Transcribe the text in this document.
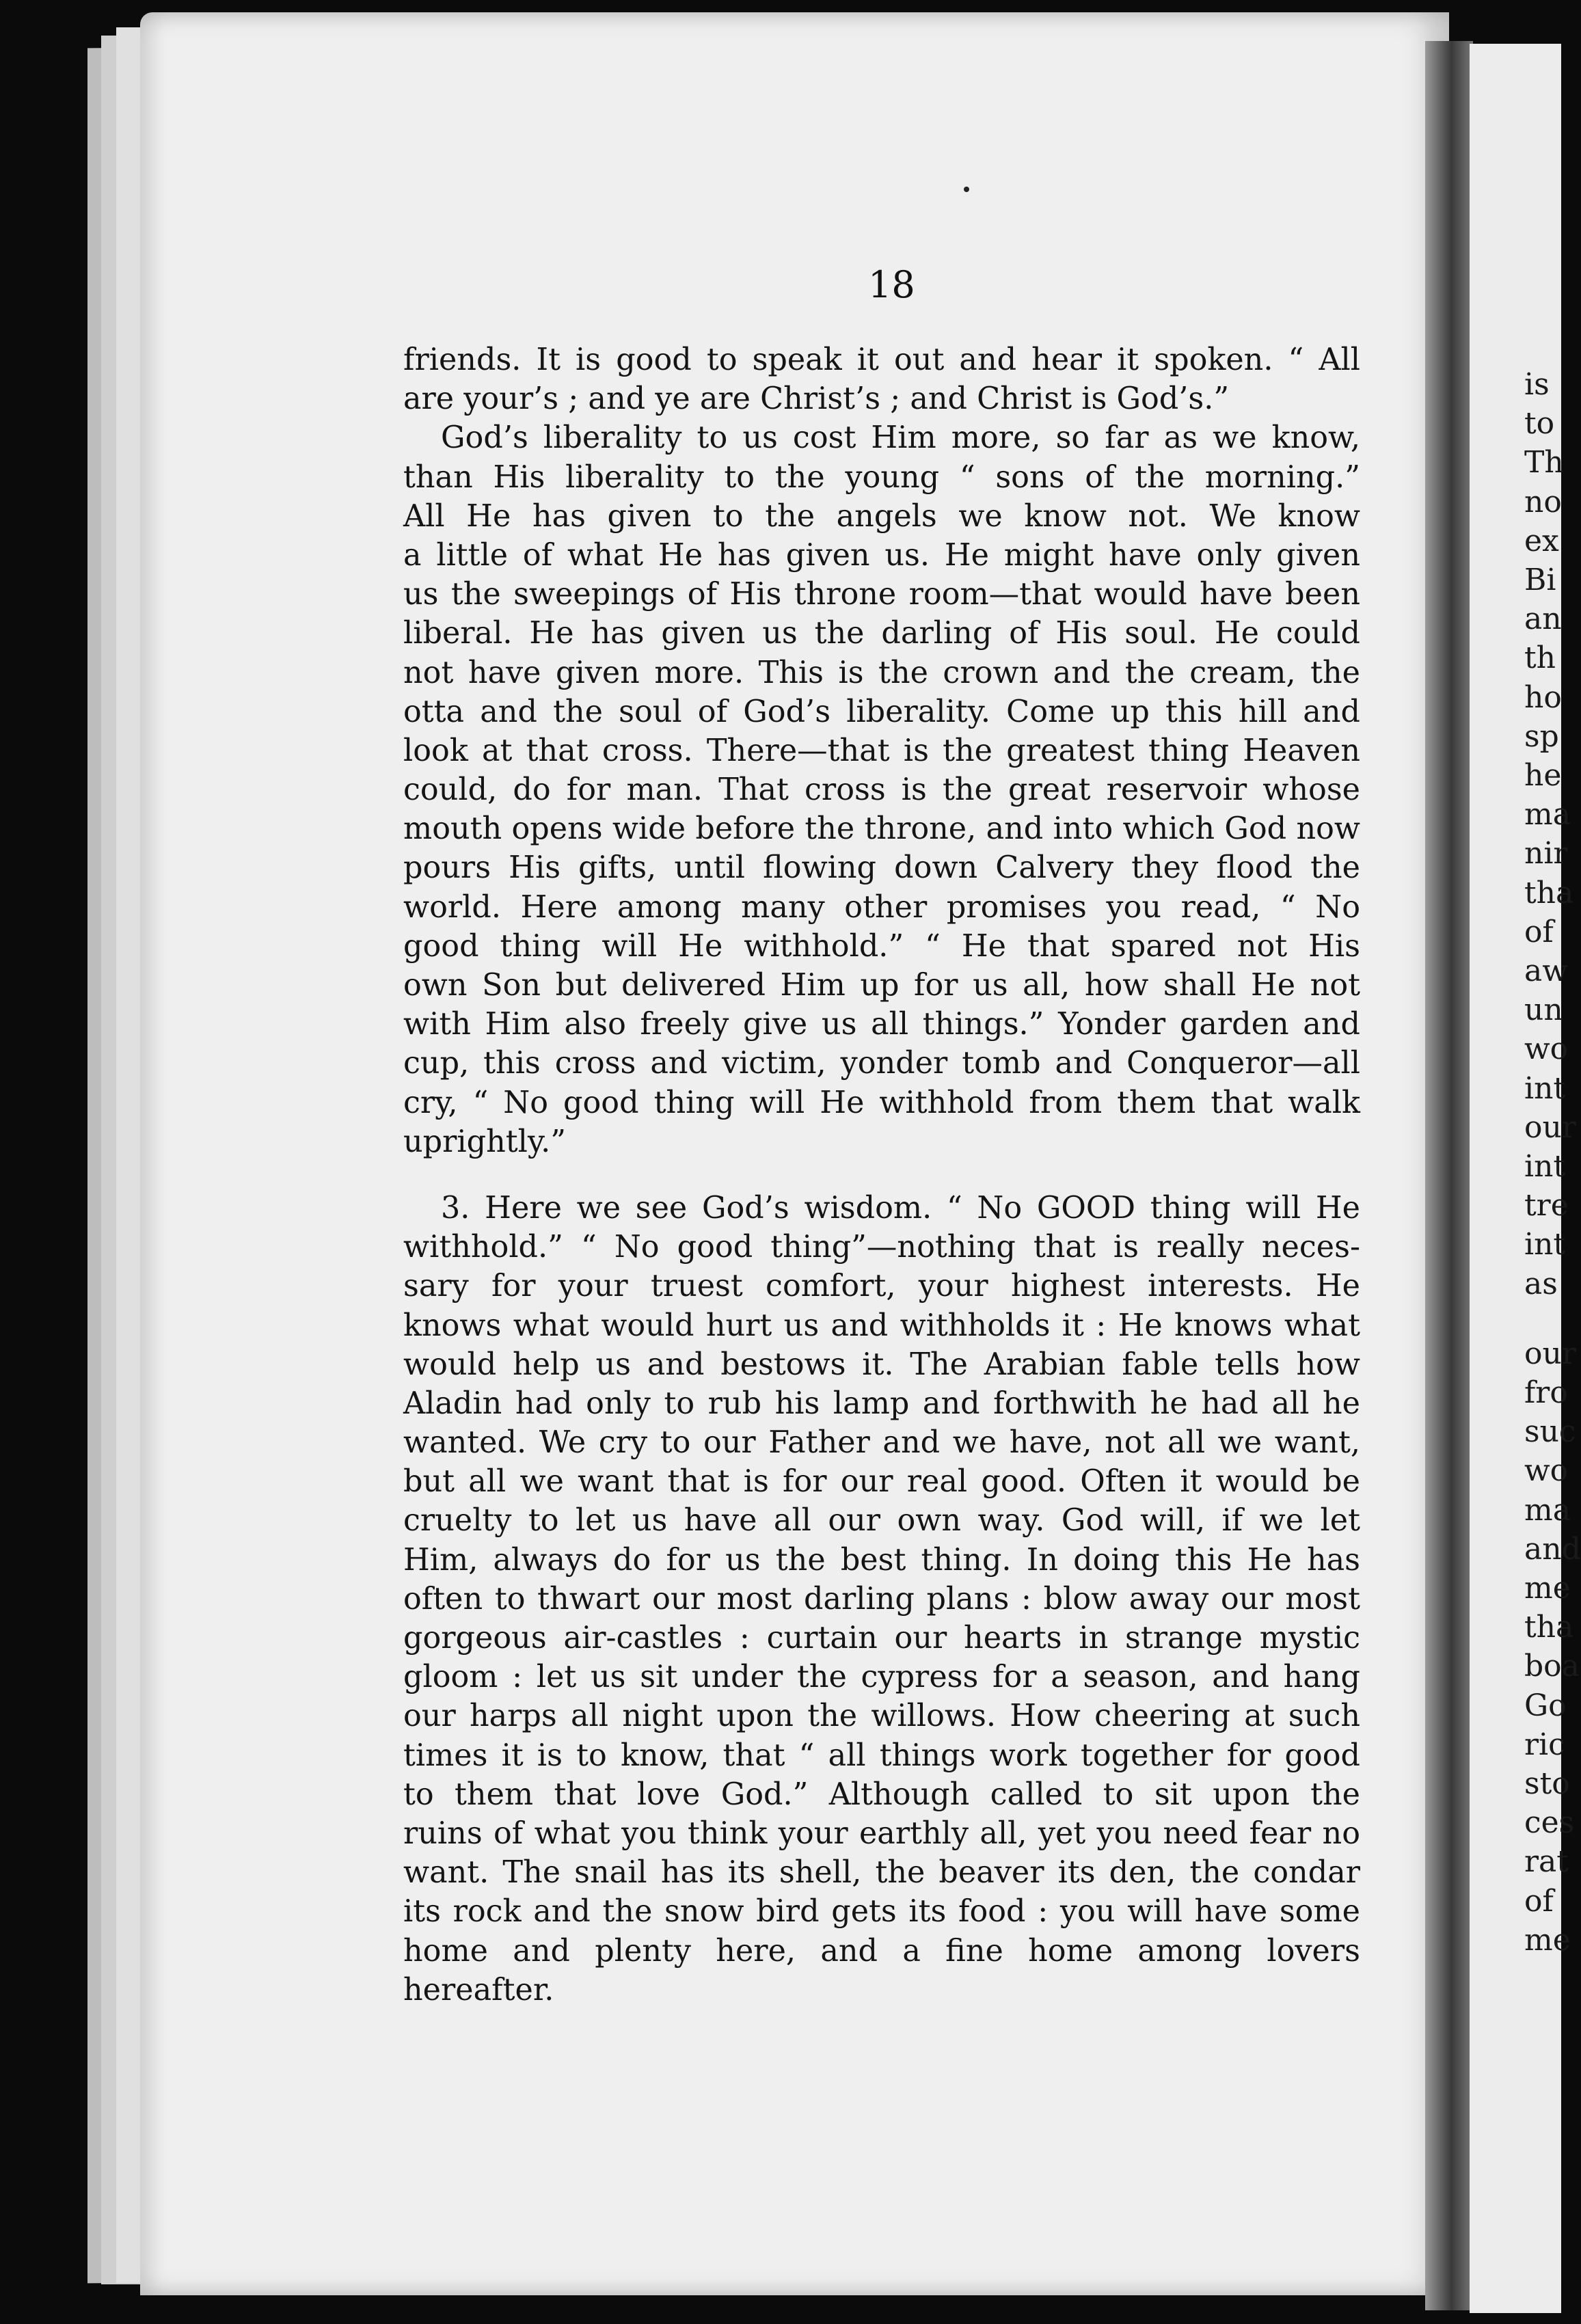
is
to
Th
no
ex
Bi
an
th
ho
sp
he
ma
nir
tha
of
aw
un
wo
int
our
int
tre
int
as
our
fro
suc
wo
ma
and
me
tha
boa
Go
ric
sto
ces
rat
of
me
18
friends. It is good to speak it out and hear it spoken. “ All
are your’s ; and ye are Christ’s ; and Christ is God’s.”
God’s liberality to us cost Him more, so far as we know,
than His liberality to the young “ sons of the morning.”
All He has given to the angels we know not. We know
a little of what He has given us. He might have only given
us the sweepings of His throne room—that would have been
liberal. He has given us the darling of His soul. He could
not have given more. This is the crown and the cream, the
otta and the soul of God’s liberality. Come up this hill and
look at that cross. There—that is the greatest thing Heaven
could, do for man. That cross is the great reservoir whose
mouth opens wide before the throne, and into which God now
pours His gifts, until flowing down Calvery they flood the
world. Here among many other promises you read, “ No
good thing will He withhold.” “ He that spared not His
own Son but delivered Him up for us all, how shall He not
with Him also freely give us all things.” Yonder garden and
cup, this cross and victim, yonder tomb and Conqueror—all
cry, “ No good thing will He withhold from them that walk
uprightly.”
3. Here we see God’s wisdom. “ No GOOD thing will He
withhold.” “ No good thing”—nothing that is really neces-
sary for your truest comfort, your highest interests. He
knows what would hurt us and withholds it : He knows what
would help us and bestows it. The Arabian fable tells how
Aladin had only to rub his lamp and forthwith he had all he
wanted. We cry to our Father and we have, not all we want,
but all we want that is for our real good. Often it would be
cruelty to let us have all our own way. God will, if we let
Him, always do for us the best thing. In doing this He has
often to thwart our most darling plans : blow away our most
gorgeous air-castles : curtain our hearts in strange mystic
gloom : let us sit under the cypress for a season, and hang
our harps all night upon the willows. How cheering at such
times it is to know, that “ all things work together for good
to them that love God.” Although called to sit upon the
ruins of what you think your earthly all, yet you need fear no
want. The snail has its shell, the beaver its den, the condar
its rock and the snow bird gets its food : you will have some
home and plenty here, and a fine home among lovers
hereafter.
